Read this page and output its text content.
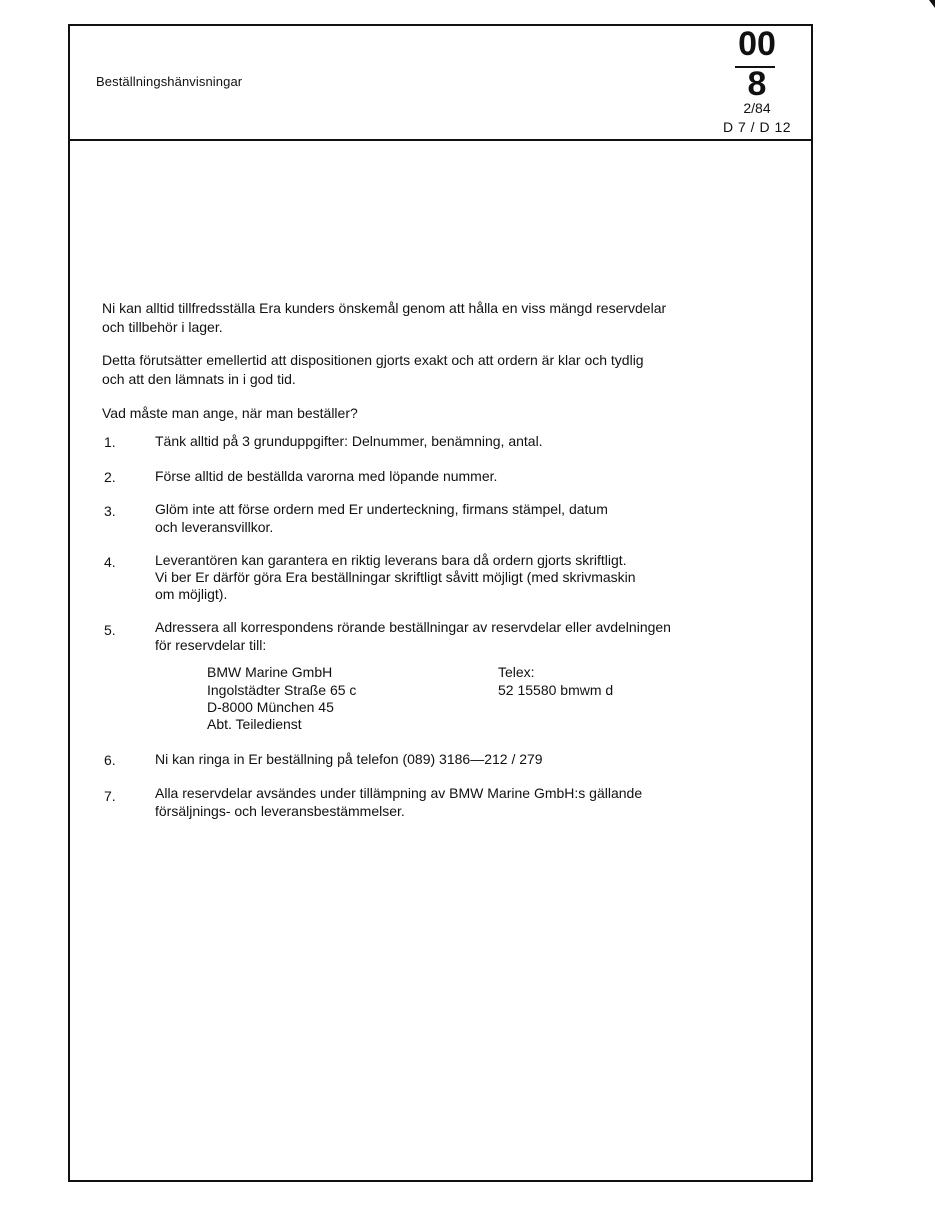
Beställningshänvisningar
00
8
2/84
D 7 / D 12
Ni kan alltid tillfredsställa Era kunders önskemål genom att hålla en viss mängd reservdelar
och tillbehör i lager.
Detta förutsätter emellertid att dispositionen gjorts exakt och att ordern är klar och tydlig
och att den lämnats in i god tid.
Vad måste man ange, när man beställer?
1.	Tänk alltid på 3 grunduppgifter: Delnummer, benämning, antal.
2.	Förse alltid de beställda varorna med löpande nummer.
3.	Glöm inte att förse ordern med Er underteckning, firmans stämpel, datum
och leveransvillkor.
4.	Leverantören kan garantera en riktig leverans bara då ordern gjorts skriftligt.
Vi ber Er därför göra Era beställningar skriftligt såvitt möjligt (med skrivmaskin
om möjligt).
5.	Adressera all korrespondens rörande beställningar av reservdelar eller avdelningen
för reservdelar till:
BMW Marine GmbH
Ingolstädter Straße 65 c
D-8000 München 45
Abt. Teiledienst
Telex:
52 15580 bmwm d
6.	Ni kan ringa in Er beställning på telefon (089) 3186—212 / 279
7.	Alla reservdelar avsändes under tillämpning av BMW Marine GmbH:s gällande
försäljnings- och leveransbestämmelser.
